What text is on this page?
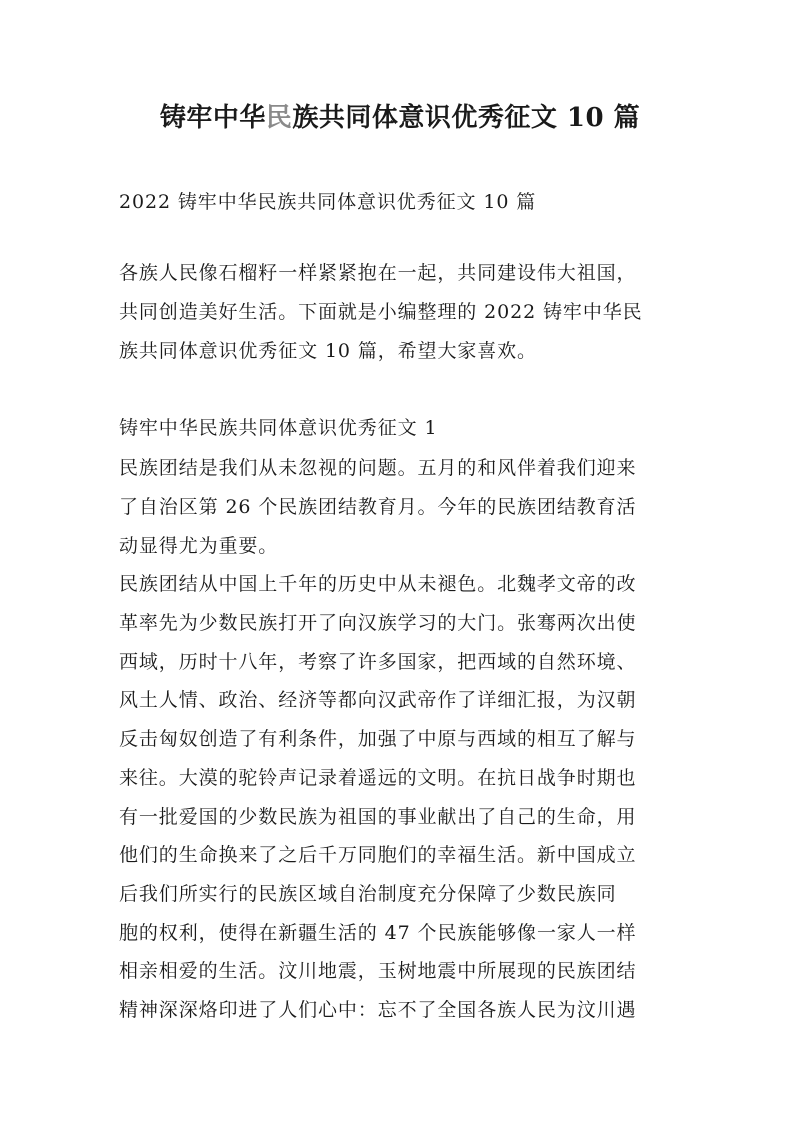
铸牢中华民族共同体意识优秀征文 10 篇
2022 铸牢中华民族共同体意识优秀征文 10 篇
各族人民像石榴籽一样紧紧抱在一起，共同建设伟大祖国，
共同创造美好生活。下面就是小编整理的 2022 铸牢中华民
族共同体意识优秀征文 10 篇，希望大家喜欢。
铸牢中华民族共同体意识优秀征文 1
民族团结是我们从未忽视的问题。五月的和风伴着我们迎来
了自治区第 26 个民族团结教育月。今年的民族团结教育活
动显得尤为重要。
民族团结从中国上千年的历史中从未褪色。北魏孝文帝的改
革率先为少数民族打开了向汉族学习的大门。张骞两次出使
西域，历时十八年，考察了许多国家，把西域的自然环境、
风土人情、政治、经济等都向汉武帝作了详细汇报，为汉朝
反击匈奴创造了有利条件，加强了中原与西域的相互了解与
来往。大漠的驼铃声记录着遥远的文明。在抗日战争时期也
有一批爱国的少数民族为祖国的事业献出了自己的生命，用
他们的生命换来了之后千万同胞们的幸福生活。新中国成立
后我们所实行的民族区域自治制度充分保障了少数民族同
胞的权利，使得在新疆生活的 47 个民族能够像一家人一样
相亲相爱的生活。汶川地震，玉树地震中所展现的民族团结
精神深深烙印进了人们心中：忘不了全国各族人民为汶川遇
